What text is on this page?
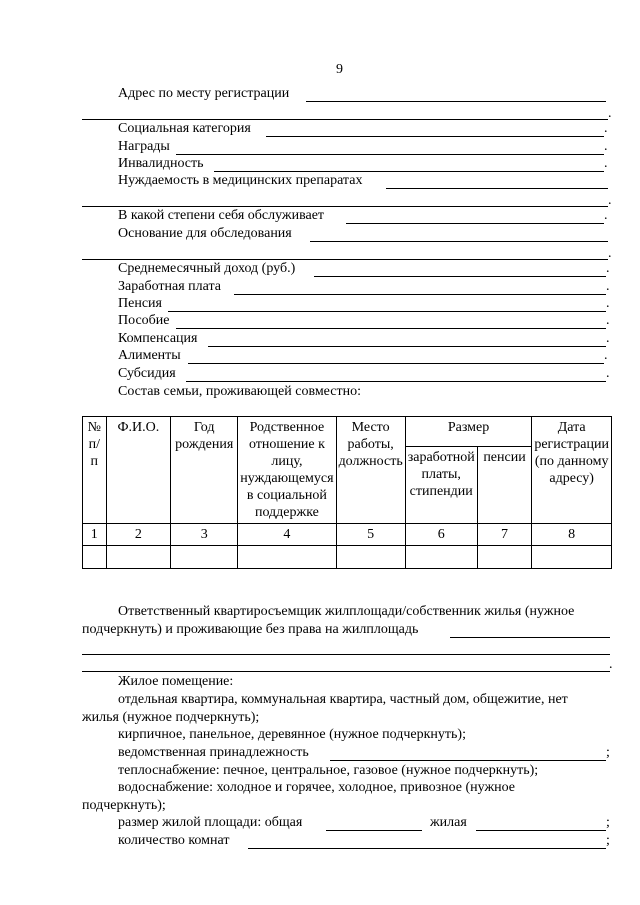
9
Адрес по месту регистрации
.
Социальная категория	.
Награды	.
Инвалидность	.
Нуждаемость в медицинских препаратах
.
В какой степени себя обслуживает	.
Основание для обследования
.
Среднемесячный доход (руб.)	.
Заработная плата	.
Пенсия	.
Пособие	.
Компенсация	.
Алименты	.
Субсидия	.
Состав семьи, проживающей совместно:
№ п/п	Ф.И.О.	Год рождения	Родственное отношение к лицу, нуждающемуся в социальной поддержке	Место работы, должность	Размер		Дата регистрации (по данному адресу)
					заработной платы, стипендии	пенсии	
1	2	3	4	5	6	7	8

Ответственный квартиросъемщик жилплощади/собственник жилья (нужное
подчеркнуть) и проживающие без права на жилплощадь
.
Жилое помещение:
отдельная квартира, коммунальная квартира, частный дом, общежитие, нет
жилья (нужное подчеркнуть);
кирпичное, панельное, деревянное (нужное подчеркнуть);
ведомственная принадлежность	;
теплоснабжение: печное, центральное, газовое (нужное подчеркнуть);
водоснабжение: холодное и горячее, холодное, привозное (нужное
подчеркнуть);
размер жилой площади: общая	жилая	;
количество комнат	;
